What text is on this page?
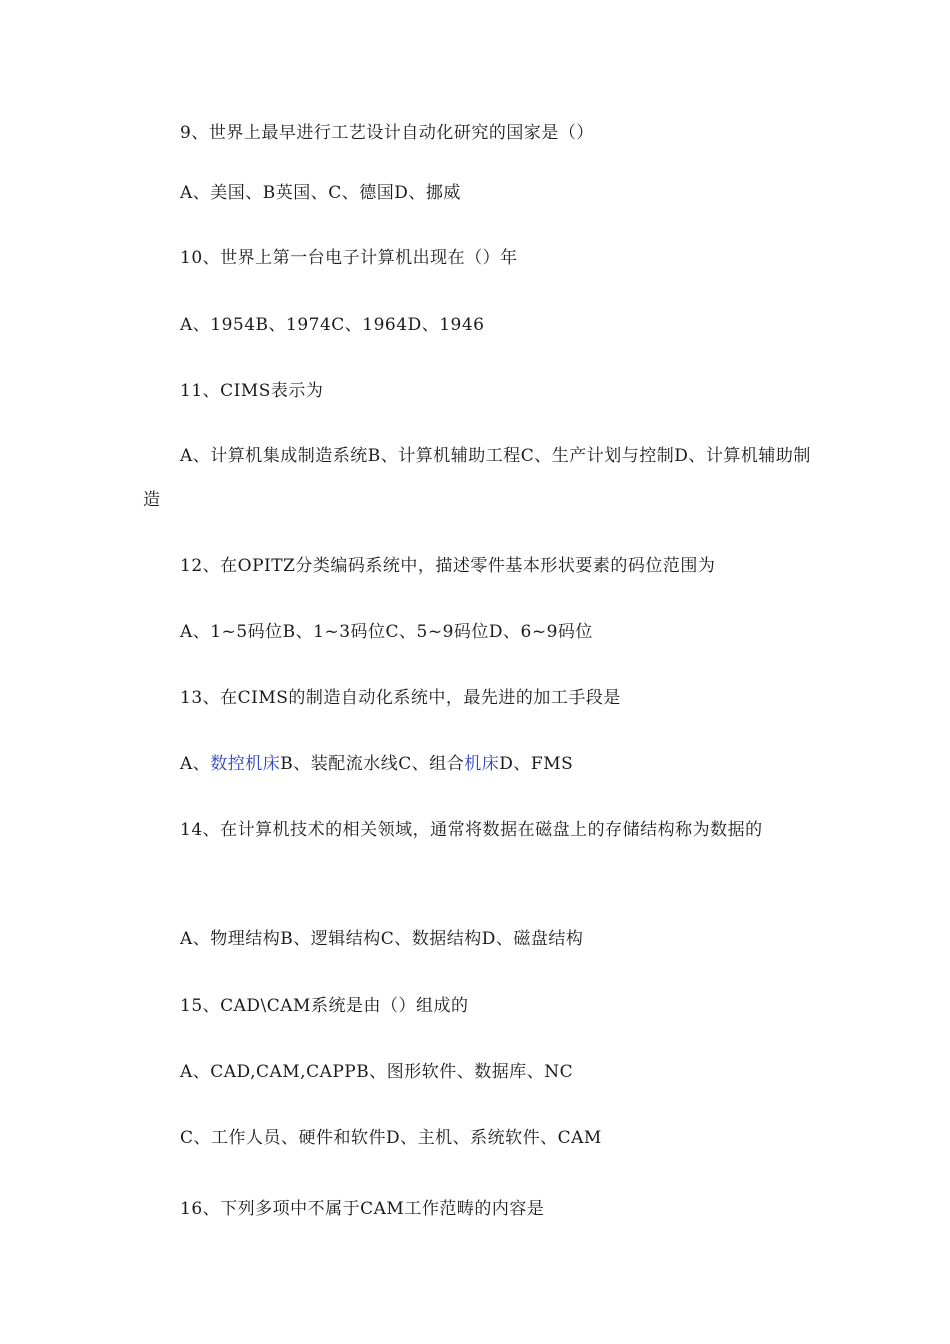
9、世界上最早进行工艺设计自动化研究的国家是（）
A、美国、B英国、C、德国D、挪威
10、世界上第一台电子计算机出现在（）年
A、1954B、1974C、1964D、1946
11、CIMS表示为
A、计算机集成制造系统B、计算机辅助工程C、生产计划与控制D、计算机辅助制造
12、在OPITZ分类编码系统中，描述零件基本形状要素的码位范围为
A、1~5码位B、1~3码位C、5~9码位D、6~9码位
13、在CIMS的制造自动化系统中，最先进的加工手段是
A、数控机床B、装配流水线C、组合机床D、FMS
14、在计算机技术的相关领域，通常将数据在磁盘上的存储结构称为数据的
A、物理结构B、逻辑结构C、数据结构D、磁盘结构
15、CAD\CAM系统是由（）组成的
A、CAD,CAM,CAPPB、图形软件、数据库、NC
C、工作人员、硬件和软件D、主机、系统软件、CAM
16、下列多项中不属于CAM工作范畴的内容是
